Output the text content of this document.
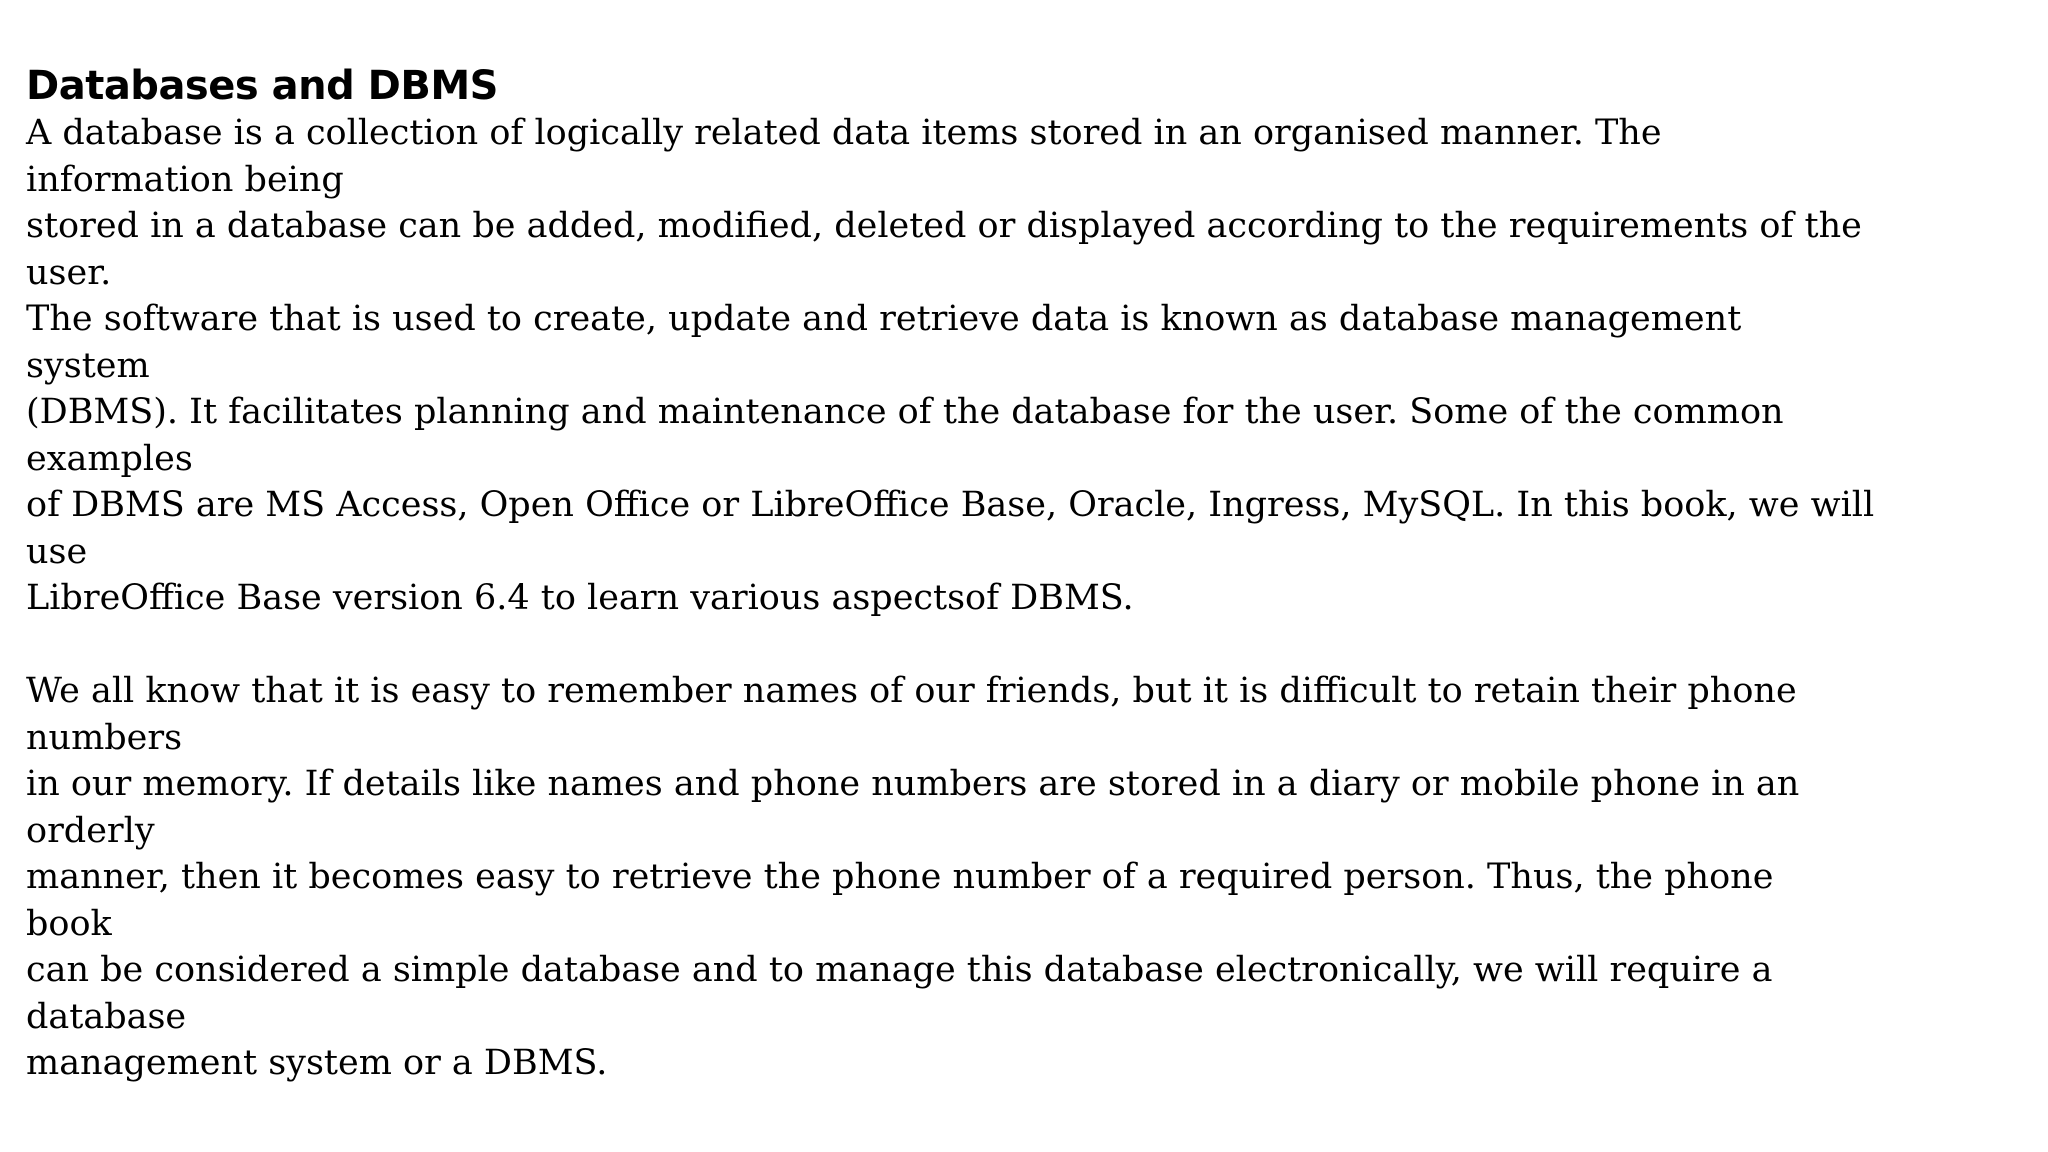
Databases and DBMS

A database is a collection of logically related data items stored in an organised manner. The
information being
stored in a database can be added, modified, deleted or displayed according to the requirements of the
user.
The software that is used to create, update and retrieve data is known as database management
system
(DBMS). It facilitates planning and maintenance of the database for the user. Some of the common
examples
of DBMS are MS Access, Open Office or LibreOffice Base, Oracle, Ingress, MySQL. In this book, we will
use
LibreOffice Base version 6.4 to learn various aspectsof DBMS.

We all know that it is easy to remember names of our friends, but it is difficult to retain their phone
numbers
in our memory. If details like names and phone numbers are stored in a diary or mobile phone in an
orderly
manner, then it becomes easy to retrieve the phone number of a required person. Thus, the phone
book
can be considered a simple database and to manage this database electronically, we will require a
database
management system or a DBMS.
